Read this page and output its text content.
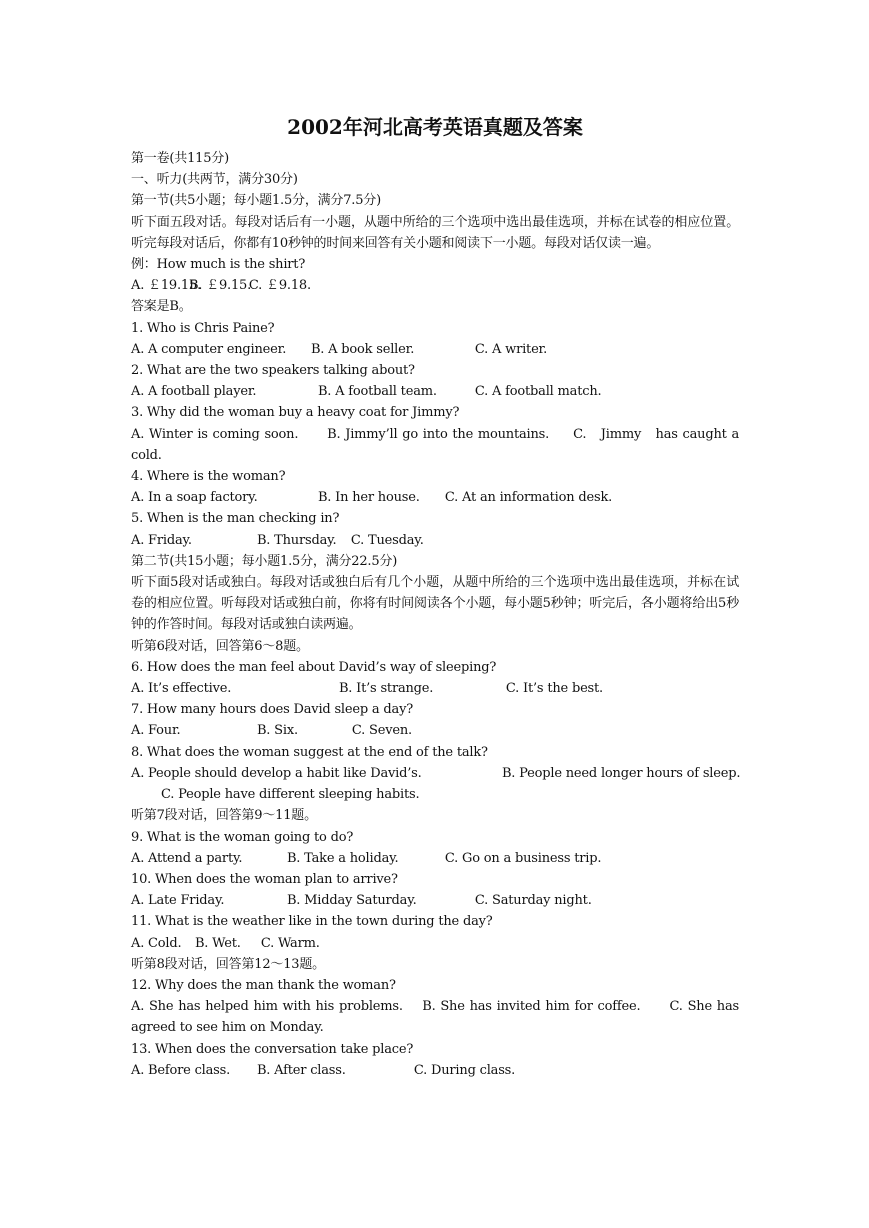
2002年河北高考英语真题及答案
第一卷(共115分)
一、听力(共两节，满分30分)
第一节(共5小题；每小题1.5分，满分7.5分)
听下面五段对话。每段对话后有一小题，从题中所给的三个选项中选出最佳选项，并标在试卷的相应位置。听完每段对话后，你都有10秒钟的时间来回答有关小题和阅读下一小题。每段对话仅读一遍。
例：How much is the shirt?
A. ￡19.15. B. ￡9.15. C. ￡9.18.
答案是B。
1. Who is Chris Paine?
A. A computer engineer. B. A book seller.	C. A writer.
2. What are the two speakers talking about?
A. A football player.	B. A football team.	C. A football match.
3. Why did the woman buy a heavy coat for Jimmy?
A. Winter is coming soon.      B. Jimmy’ll go into the mountains.     C.   Jimmy   has caught a cold.
4. Where is the woman?
A. In a soap factory.	B. In her house. C. At an information desk.
5. When is the man checking in?
A. Friday.	B. Thursday. C. Tuesday.
第二节(共15小题；每小题1.5分，满分22.5分)
听下面5段对话或独白。每段对话或独白后有几个小题，从题中所给的三个选项中选出最佳选项，并标在试卷的相应位置。听每段对话或独白前，你将有时间阅读各个小题，每小题5秒钟；听完后，各小题将给出5秒钟的作答时间。每段对话或独白读两遍。
听第6段对话，回答第6～8题。
6. How does the man feel about David’s way of sleeping?
A. It’s effective.	B. It’s strange.	C. It’s the best.
7. How many hours does David sleep a day?
A. Four.	B. Six.	C. Seven.
8. What does the woman suggest at the end of the talk?
A. People should develop a habit like David’s.	B. People need longer hours of sleep.
C. People have different sleeping habits.
听第7段对话，回答第9～11题。
9. What is the woman going to do?
A. Attend a party.	B. Take a holiday.	C. Go on a business trip.
10. When does the woman plan to arrive?
A. Late Friday.	B. Midday Saturday.	C. Saturday night.
11. What is the weather like in the town during the day?
A. Cold. B. Wet. C. Warm.
听第8段对话，回答第12～13题。
12. Why does the man thank the woman?
A. She has helped him with his problems.    B. She has invited him for coffee.      C. She has agreed to see him on Monday.
13. When does the conversation take place?
A. Before class. B. After class.	C. During class.
